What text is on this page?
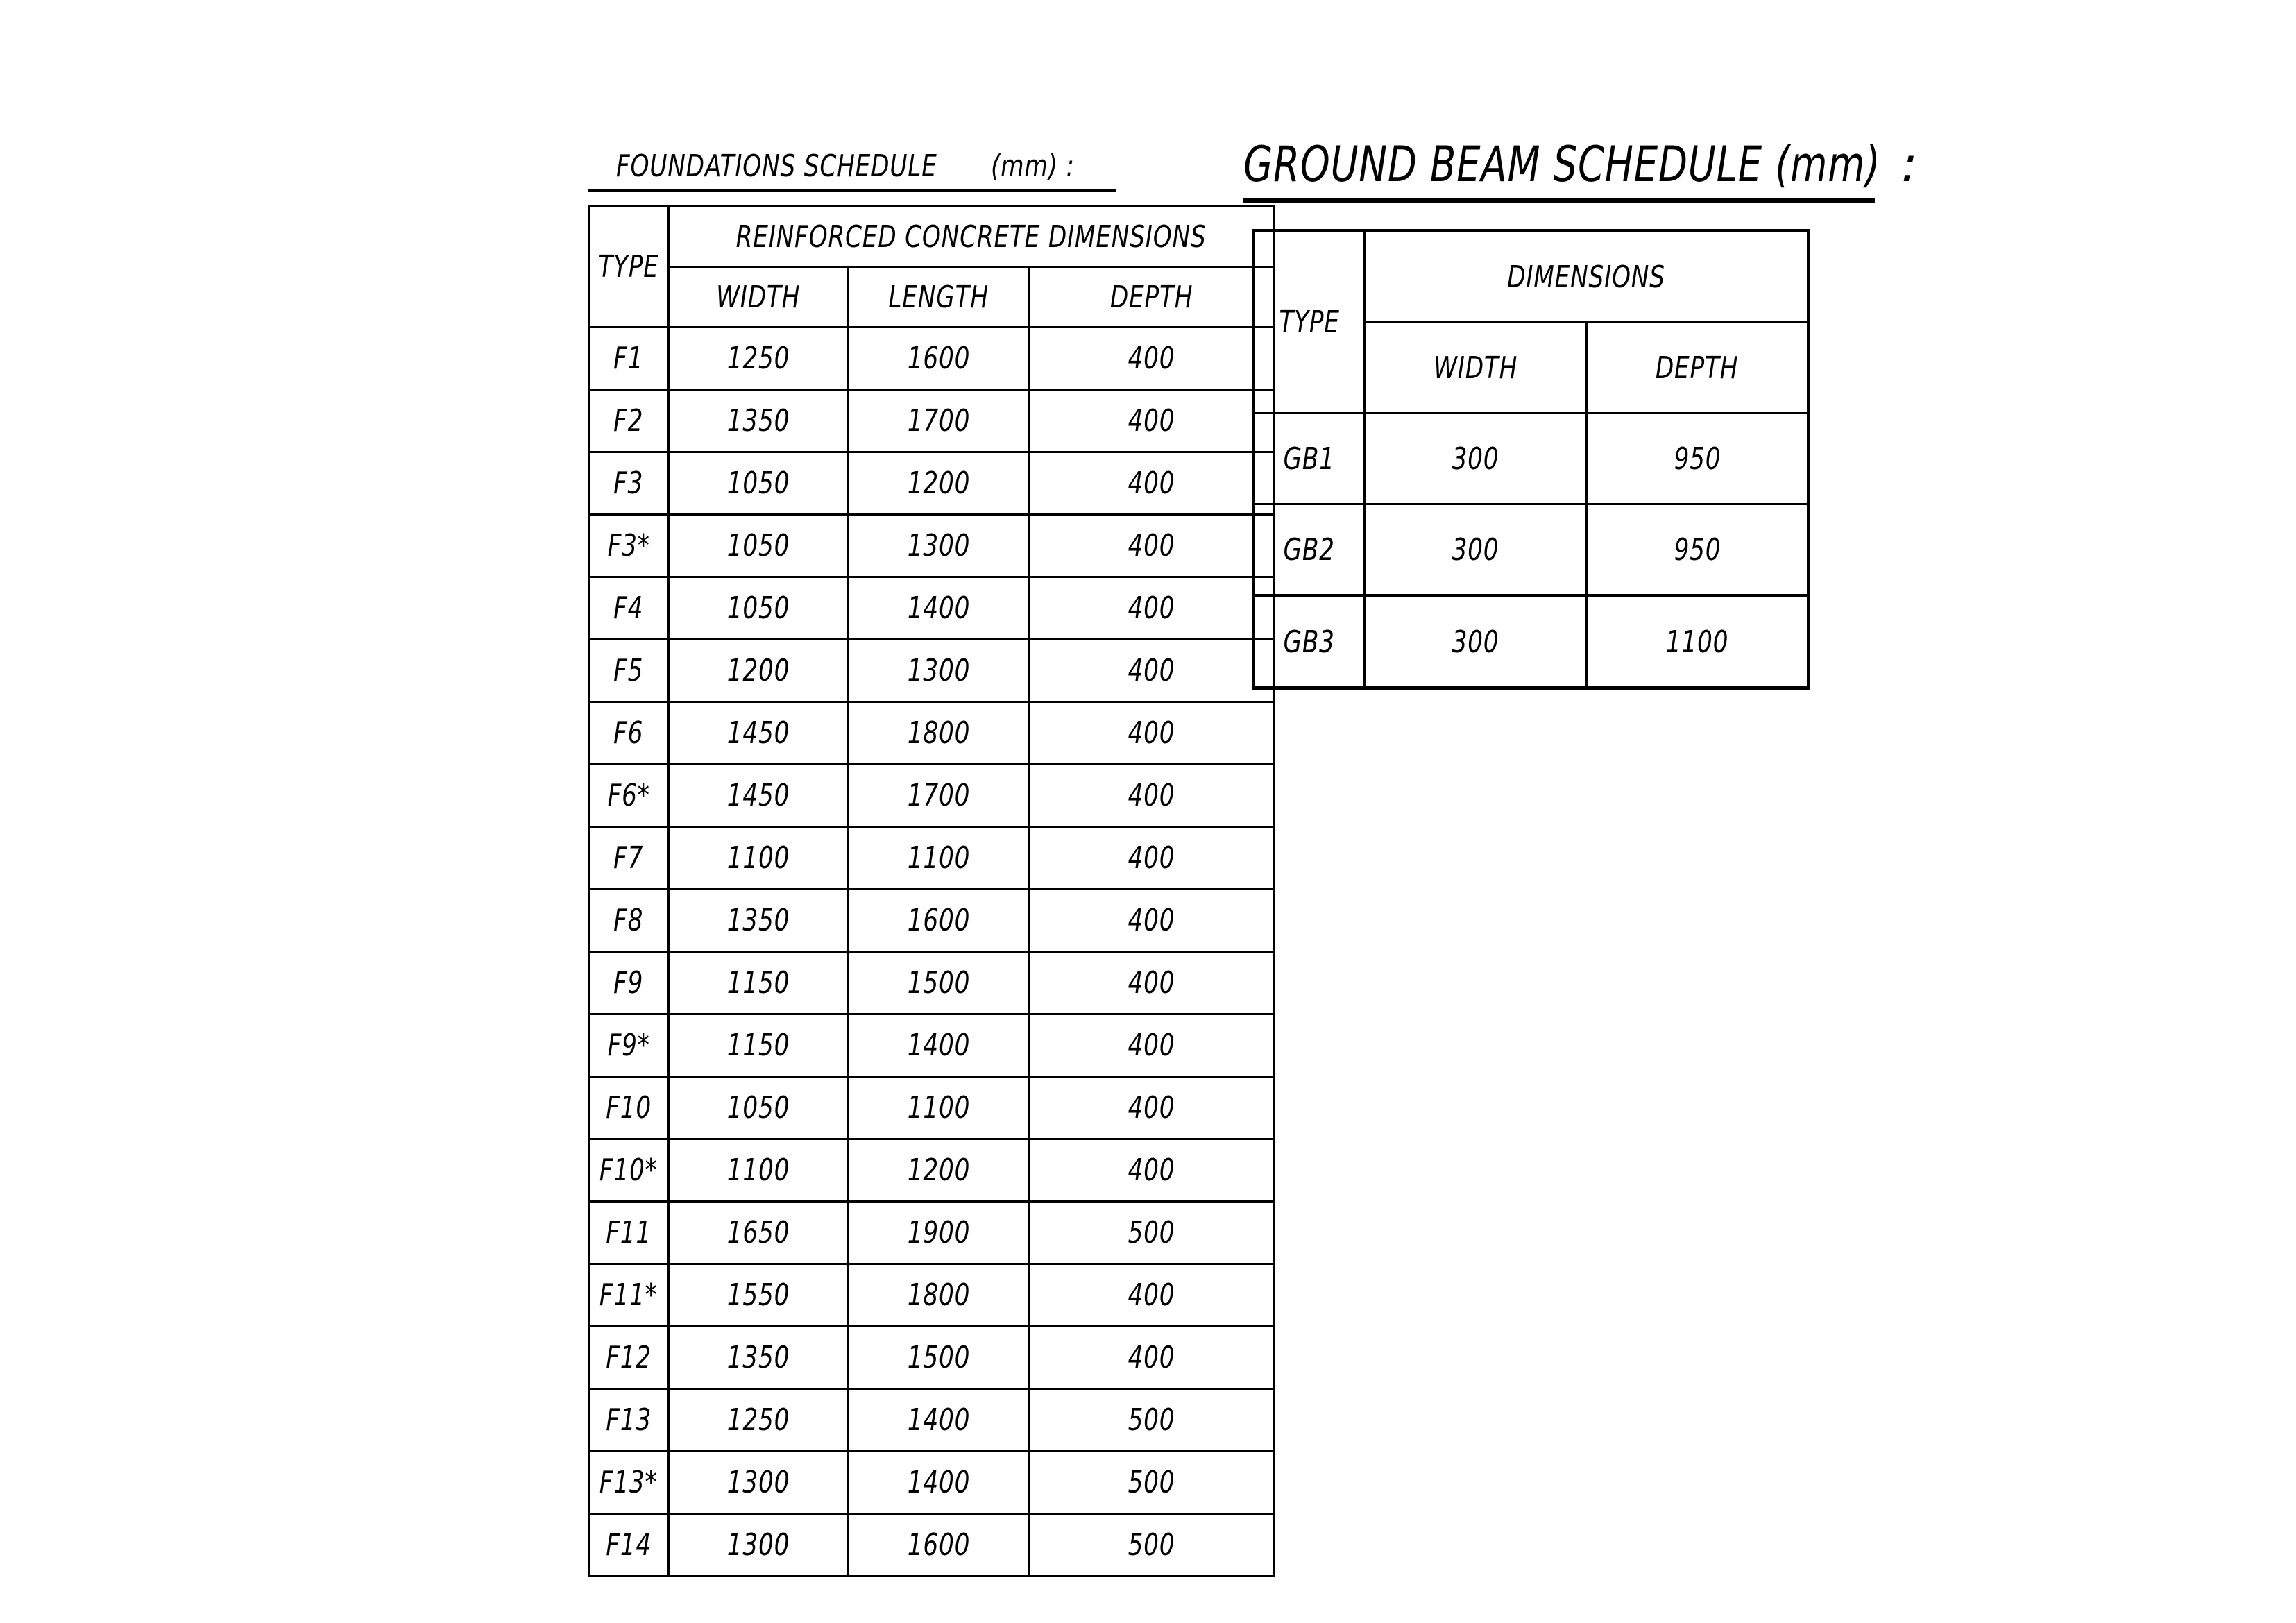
FOUNDATIONS SCHEDULE (mm) :
TYPE	REINFORCED CONCRETE DIMENSIONS		
	WIDTH	LENGTH	DEPTH
F1	1250	1600	400
F2	1350	1700	400
F3	1050	1200	400
F3*	1050	1300	400
F4	1050	1400	400
F5	1200	1300	400
F6	1450	1800	400
F6*	1450	1700	400
F7	1100	1100	400
F8	1350	1600	400
F9	1150	1500	400
F9*	1150	1400	400
F10	1050	1100	400
F10*	1100	1200	400
F11	1650	1900	500
F11*	1550	1800	400
F12	1350	1500	400
F13	1250	1400	500
F13*	1300	1400	500
F14	1300	1600	500
GROUND BEAM SCHEDULE (mm) :
TYPE	DIMENSIONS	
	WIDTH	DEPTH
GB1	300	950
GB2	300	950
GB3	300	1100
